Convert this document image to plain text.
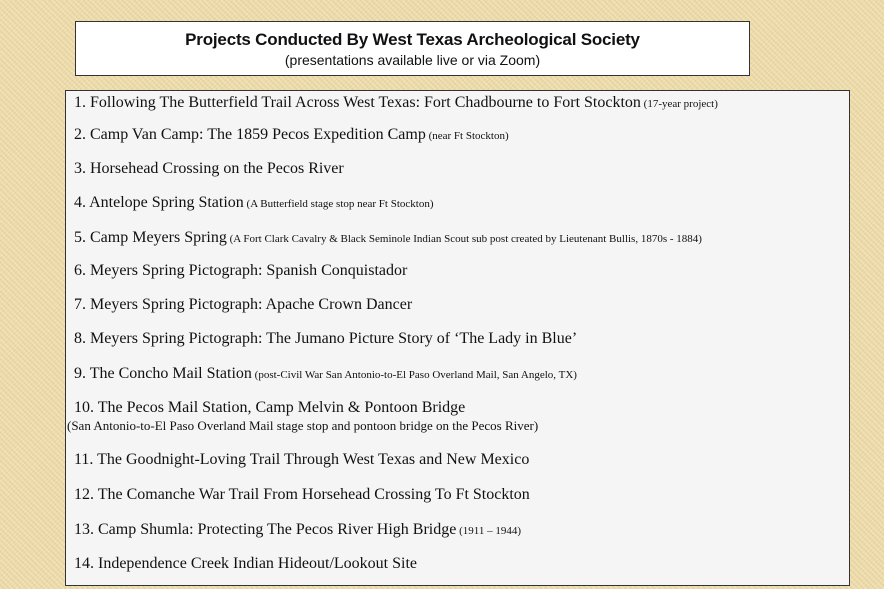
Projects Conducted By West Texas Archeological Society
(presentations available live or via Zoom)
1. Following The Butterfield Trail Across West Texas: Fort Chadbourne to Fort Stockton (17-year project)
2. Camp Van Camp: The 1859 Pecos Expedition Camp (near Ft Stockton)
3. Horsehead Crossing on the Pecos River
4. Antelope Spring Station (A Butterfield stage stop near Ft Stockton)
5. Camp Meyers Spring (A Fort Clark Cavalry & Black Seminole Indian Scout sub post created by Lieutenant Bullis, 1870s - 1884)
6. Meyers Spring Pictograph: Spanish Conquistador
7. Meyers Spring Pictograph: Apache Crown Dancer
8. Meyers Spring Pictograph: The Jumano Picture Story of ‘The Lady in Blue’
9. The Concho Mail Station (post-Civil War San Antonio-to-El Paso Overland Mail, San Angelo, TX)
10. The Pecos Mail Station, Camp Melvin & Pontoon Bridge
(San Antonio-to-El Paso Overland Mail stage stop and pontoon bridge on the Pecos River)
11. The Goodnight-Loving Trail Through West Texas and New Mexico
12. The Comanche War Trail From Horsehead Crossing To Ft Stockton
13. Camp Shumla: Protecting The Pecos River High Bridge (1911 – 1944)
14. Independence Creek Indian Hideout/Lookout Site
